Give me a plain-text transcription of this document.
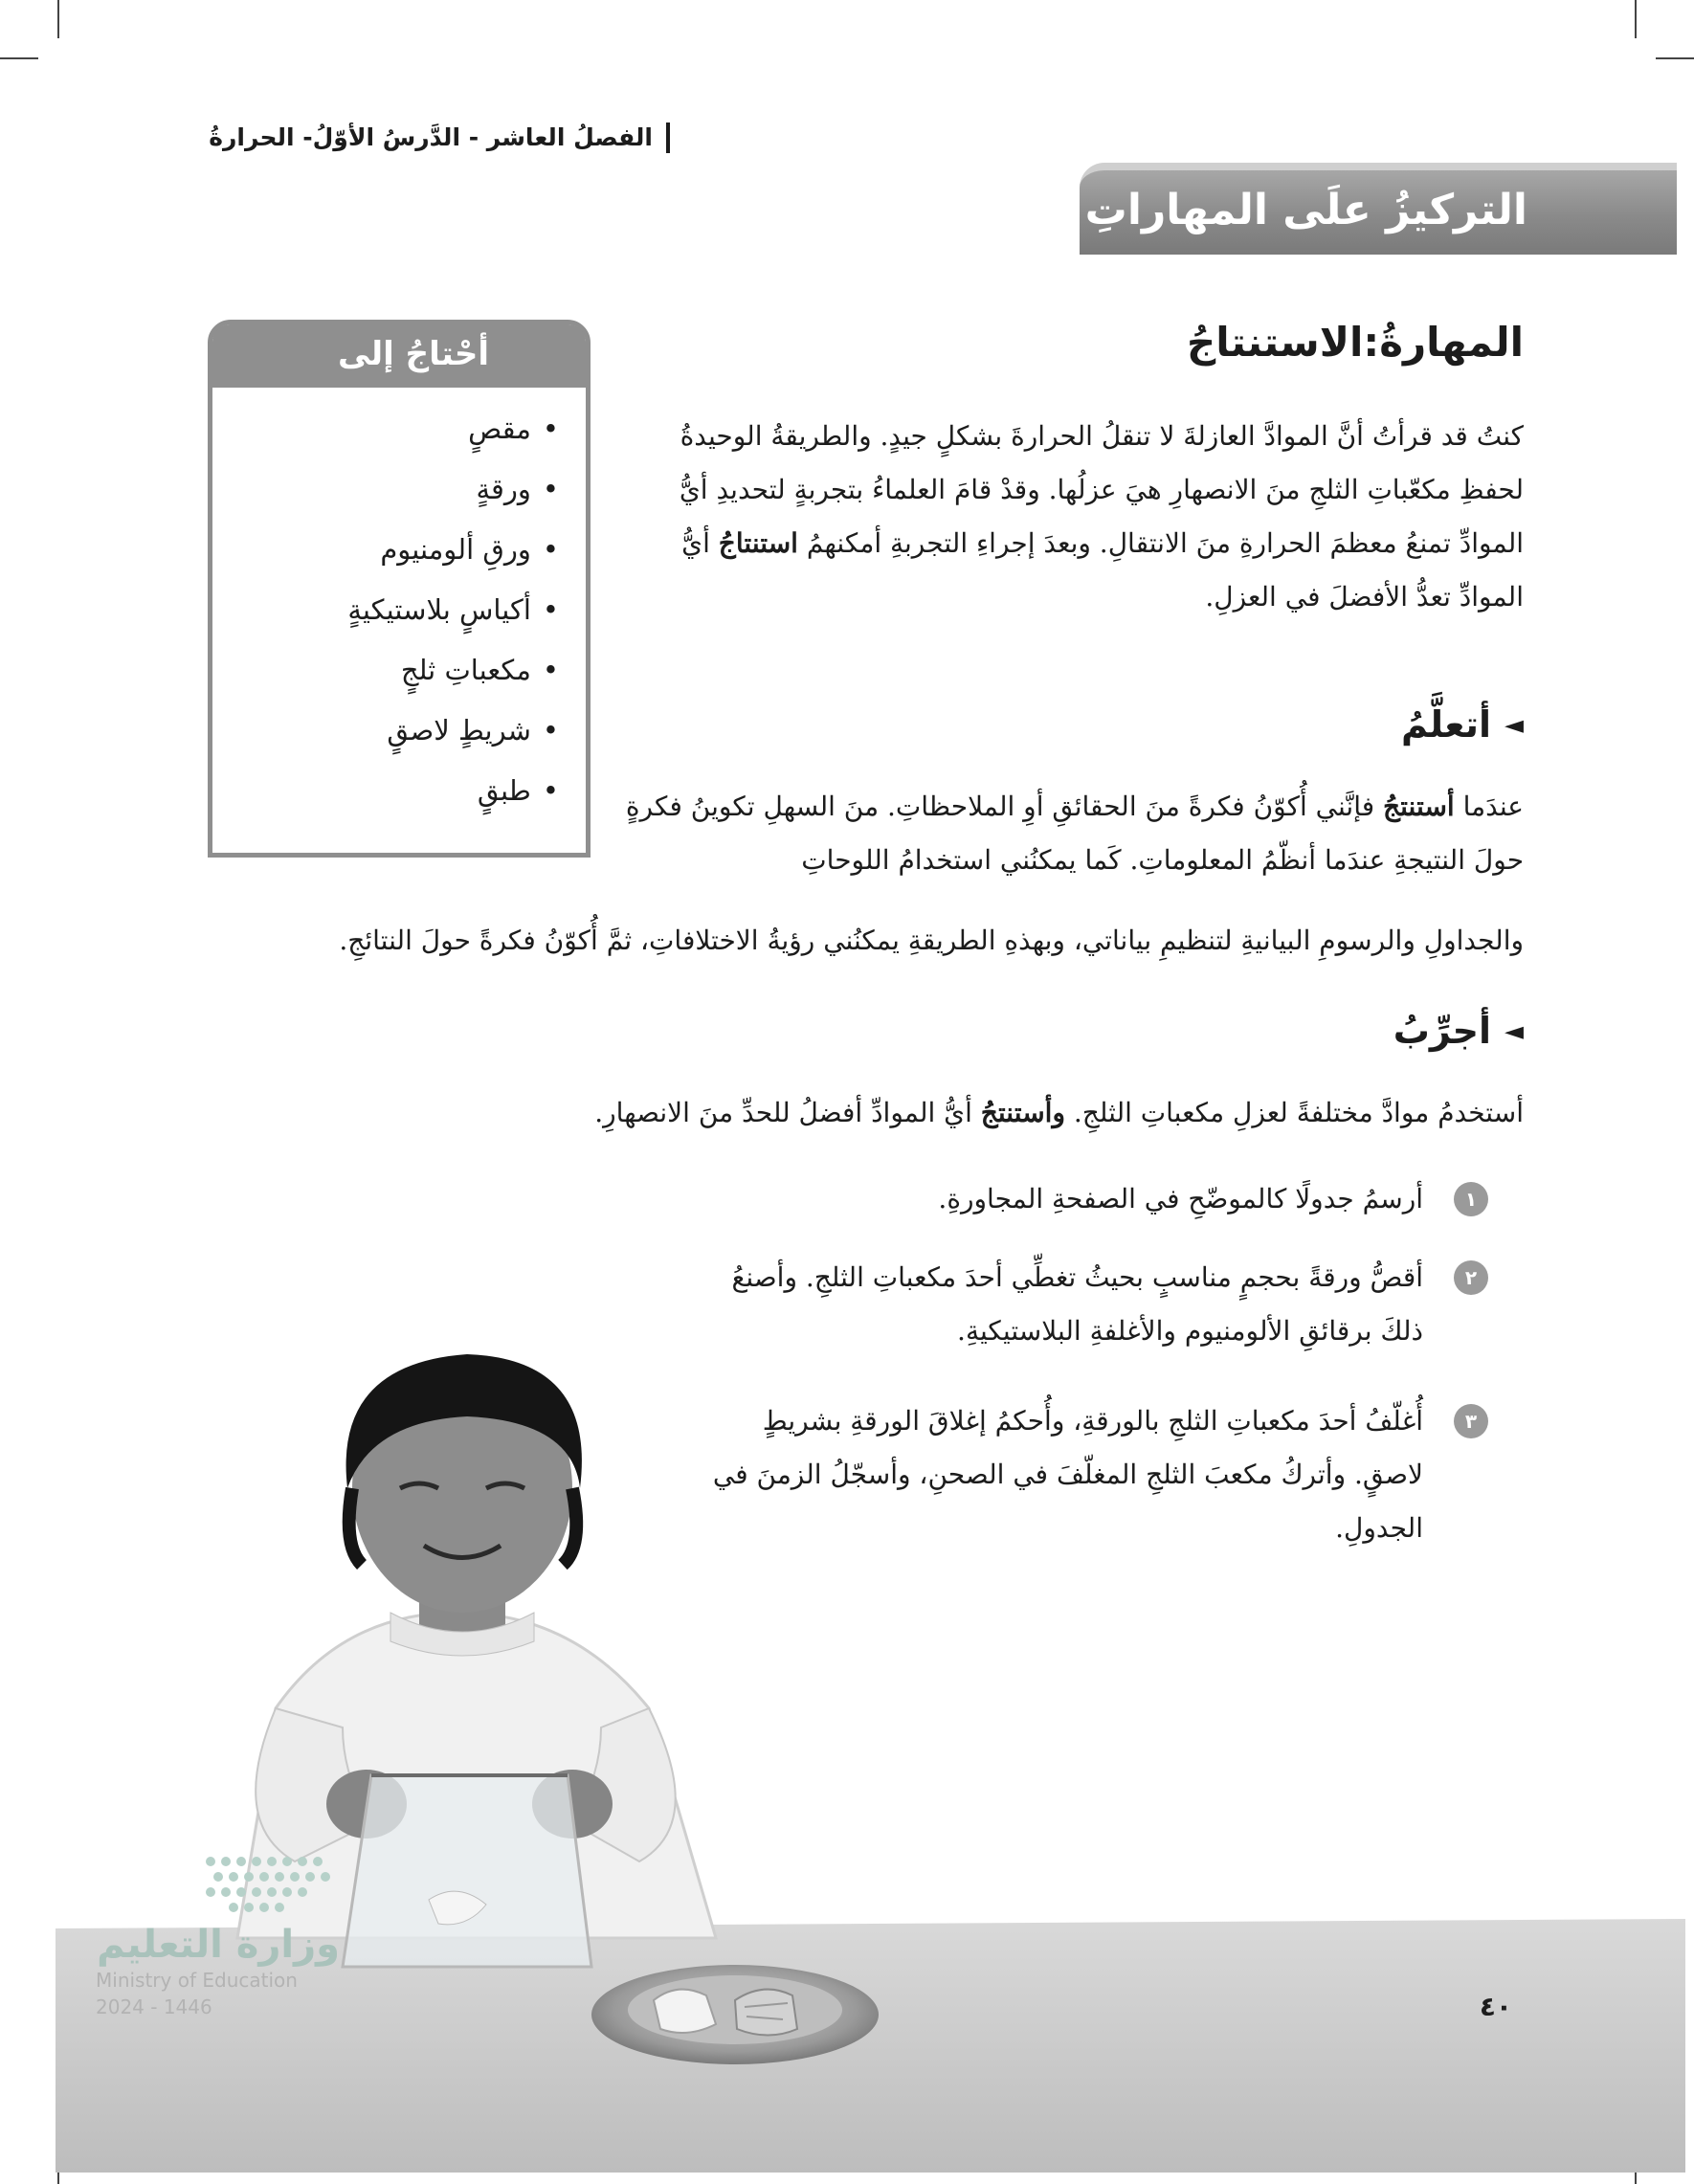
الفصلُ العاشر - الدَّرسُ الأوّلُ- الحرارةُ
التركيزُ علَى المهاراتِ
المهارةُ:الاستنتاجُ
كنتُ قد قرأتُ أنَّ الموادَّ العازلةَ لا تنقلُ الحرارةَ بشكلٍ جيدٍ. والطريقةُ الوحيدةُ لحفظِ مكعّباتِ الثلجِ منَ الانصهارِ هيَ عزلُها. وقدْ قامَ العلماءُ بتجربةٍ لتحديدِ أيُّ الموادِّ تمنعُ معظمَ الحرارةِ منَ الانتقالِ. وبعدَ إجراءِ التجربةِ أمكنهمُ استنتاجُ أيُّ الموادِّ تعدُّ الأفضلَ في العزلِ.
◄أتعلَّمُ
عندَما أستنتجُ فإنَّني أُكوّنُ فكرةً منَ الحقائقِ أوِ الملاحظاتِ. منَ السهلِ تكوينُ فكرةٍ حولَ النتيجةِ عندَما أنظّمُ المعلوماتِ. كَما يمكنُني استخدامُ اللوحاتِ
والجداولِ والرسومِ البيانيةِ لتنظيمِ بياناتي، وبهذهِ الطريقةِ يمكنُني رؤيةُ الاختلافاتِ، ثمَّ أُكوّنُ فكرةً حولَ النتائجِ.
أحْتاجُ إلى
• مقصٍ
• ورقةٍ
• ورقِ ألومنيوم
• أكياسٍ بلاستيكيةٍ
• مكعباتِ ثلجٍ
• شريطٍ لاصقٍ
• طبقٍ
◄أجرِّبُ
أستخدمُ موادَّ مختلفةً لعزلِ مكعباتِ الثلجِ. وأستنتجُ أيُّ الموادِّ أفضلُ للحدِّ منَ الانصهارِ.
١
أرسمُ جدولًا كالموضّحِ في الصفحةِ المجاورةِ.
٢
أقصُّ ورقةً بحجمٍ مناسبٍ بحيثُ تغطِّي أحدَ مكعباتِ الثلجِ. وأصنعُ ذلكَ برقائقِ الألومنيوم والأغلفةِ البلاستيكيةِ.
٣
أُغلّفُ أحدَ مكعباتِ الثلجِ بالورقةِ، وأُحكمُ إغلاقَ الورقةِ بشريطٍ لاصقٍ. وأتركُ مكعبَ الثلجِ المغلّفَ في الصحنِ، وأسجّلُ الزمنَ في الجدولِ.
وزارة التعليم
Ministry of Education
2024 - 1446	٤٠
